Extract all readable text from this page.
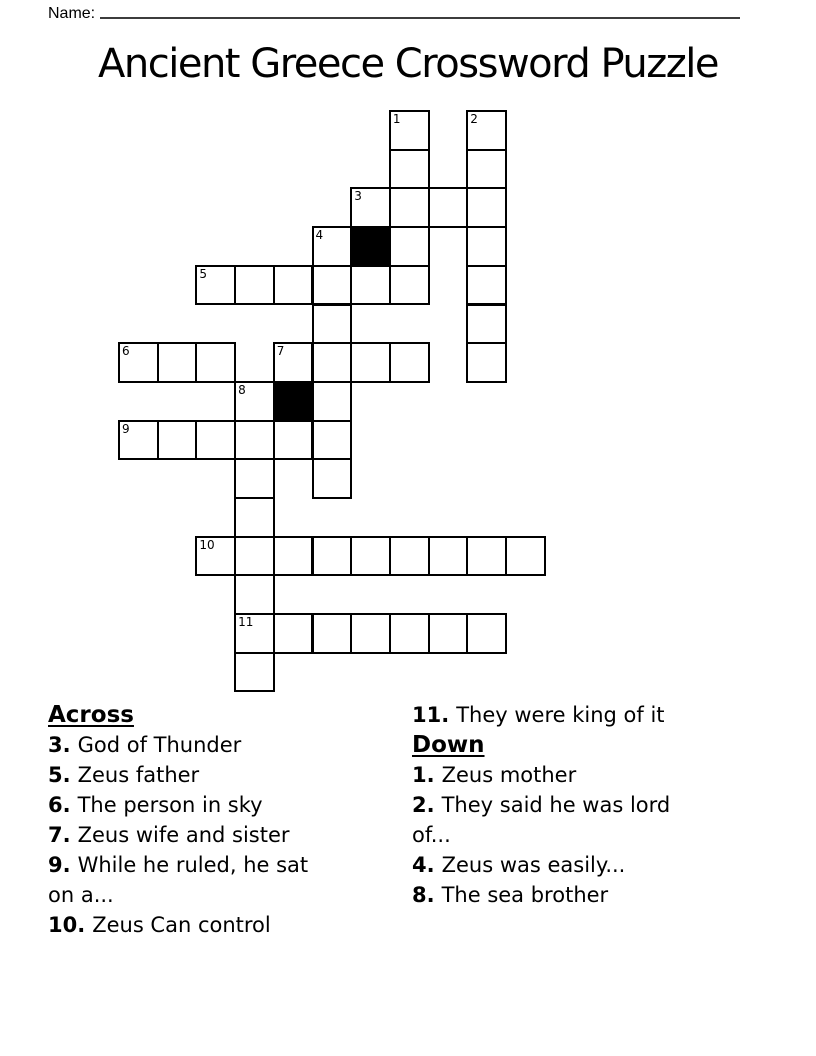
Name:
Ancient Greece Crossword Puzzle
1	2
3
4
5
6	7
8
9
10
11
Across
3. God of Thunder
5. Zeus father
6. The person in sky
7. Zeus wife and sister
9. While he ruled, he sat
on a...
10. Zeus Can control
11. They were king of it
Down
1. Zeus mother
2. They said he was lord
of...
4. Zeus was easily...
8. The sea brother
